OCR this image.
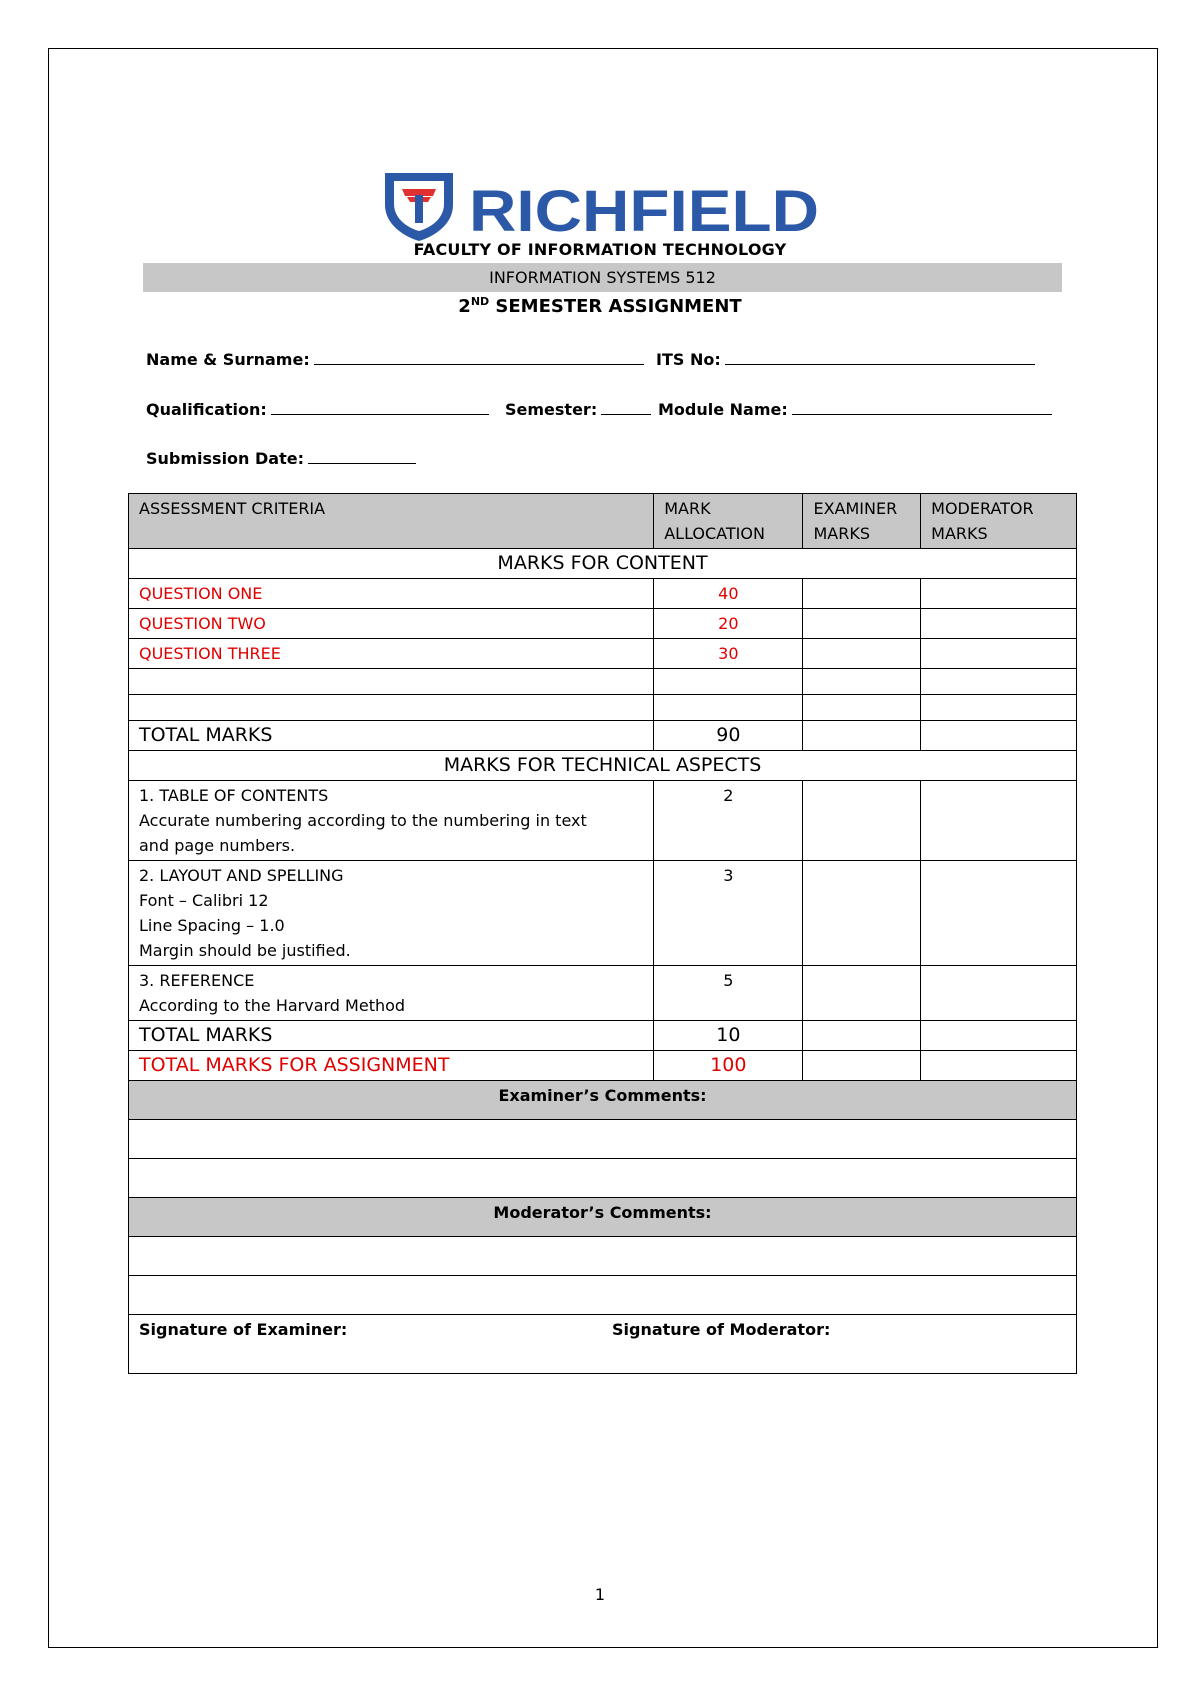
RICHFIELD
FACULTY OF INFORMATION TECHNOLOGY
INFORMATION SYSTEMS 512
2ND SEMESTER ASSIGNMENT
Name & Surname:	ITS No:
Qualification:	Semester:	Module Name:
Submission Date:
ASSESSMENT CRITERIA	MARK ALLOCATION	EXAMINER MARKS	MODERATOR MARKS
MARKS FOR CONTENT			
QUESTION ONE	40		
QUESTION TWO	20		
QUESTION THREE	30		

TOTAL MARKS	90		
MARKS FOR TECHNICAL ASPECTS			

1. TABLE OF CONTENTS
Accurate numbering according to the numbering in text
and page numbers.	2		

2. LAYOUT AND SPELLING
Font – Calibri 12
Line Spacing – 1.0
Margin should be justified.	3		

3. REFERENCE
According to the Harvard Method	5		
TOTAL MARKS	10		
TOTAL MARKS FOR ASSIGNMENT	100		
Examiner’s Comments:			

Moderator’s Comments:			

Signature of Examiner: Signature of Moderator:			
1
